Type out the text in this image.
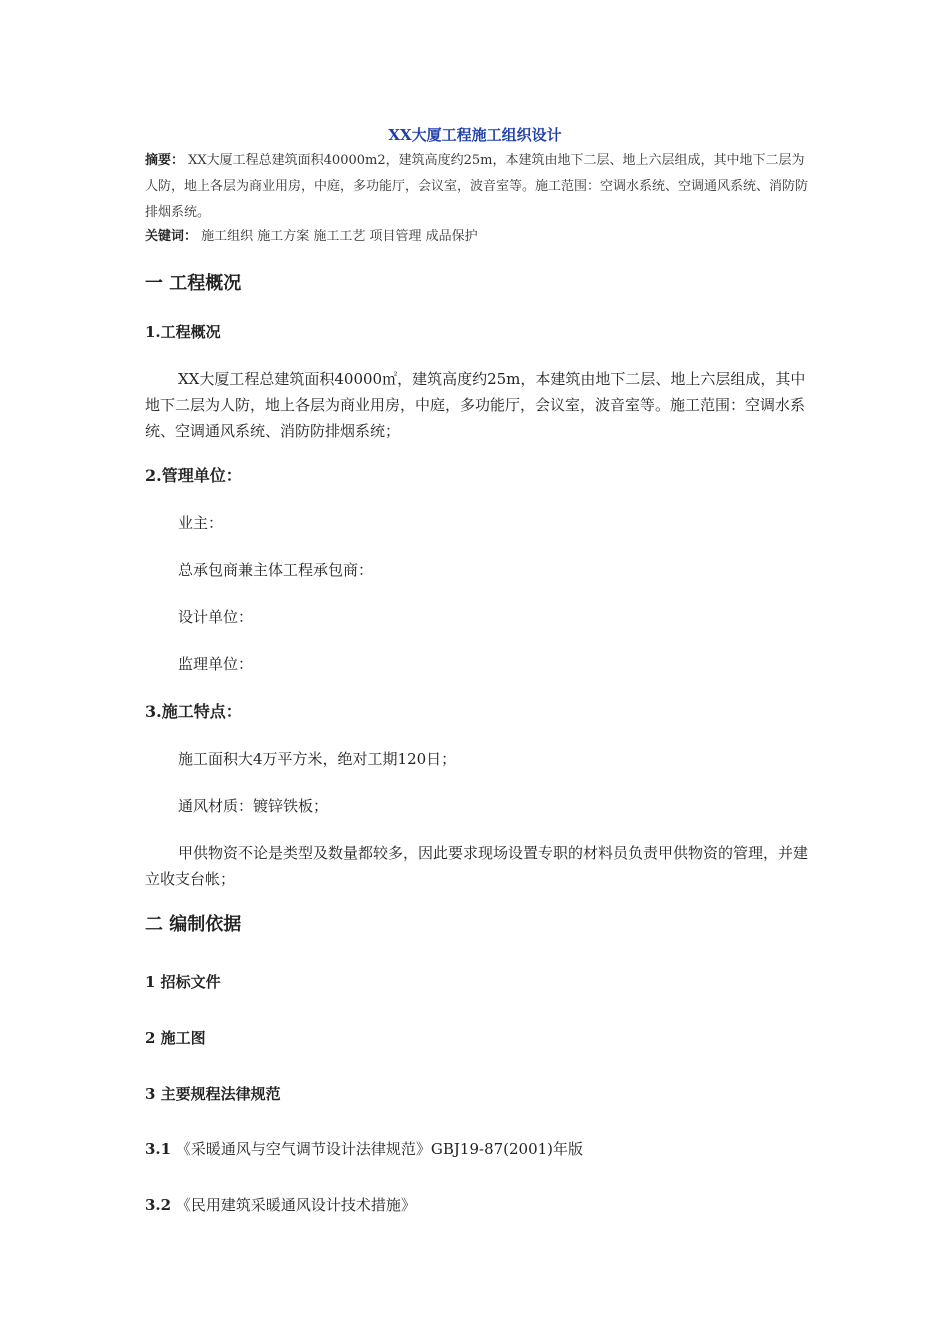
XX大厦工程施工组织设计
摘要： XX大厦工程总建筑面积40000m2，建筑高度约25m，本建筑由地下二层、地上六层组成，其中地下二层为人防，地上各层为商业用房，中庭，多功能厅，会议室，波音室等。施工范围：空调水系统、空调通风系统、消防防排烟系统。
关键词： 施工组织 施工方案 施工工艺 项目管理 成品保护
一 工程概况
1.工程概况
XX大厦工程总建筑面积40000㎡，建筑高度约25m，本建筑由地下二层、地上六层组成，其中地下二层为人防，地上各层为商业用房，中庭，多功能厅，会议室，波音室等。施工范围：空调水系统、空调通风系统、消防防排烟系统；
2.管理单位：
业主：
总承包商兼主体工程承包商：
设计单位：
监理单位：
3.施工特点：
施工面积大4万平方米，绝对工期120日；
通风材质：镀锌铁板；
甲供物资不论是类型及数量都较多，因此要求现场设置专职的材料员负责甲供物资的管理，并建立收支台帐；
二 编制依据
1 招标文件
2 施工图
3 主要规程法律规范
3.1 《采暖通风与空气调节设计法律规范》GBJ19-87(2001)年版
3.2 《民用建筑采暖通风设计技术措施》
